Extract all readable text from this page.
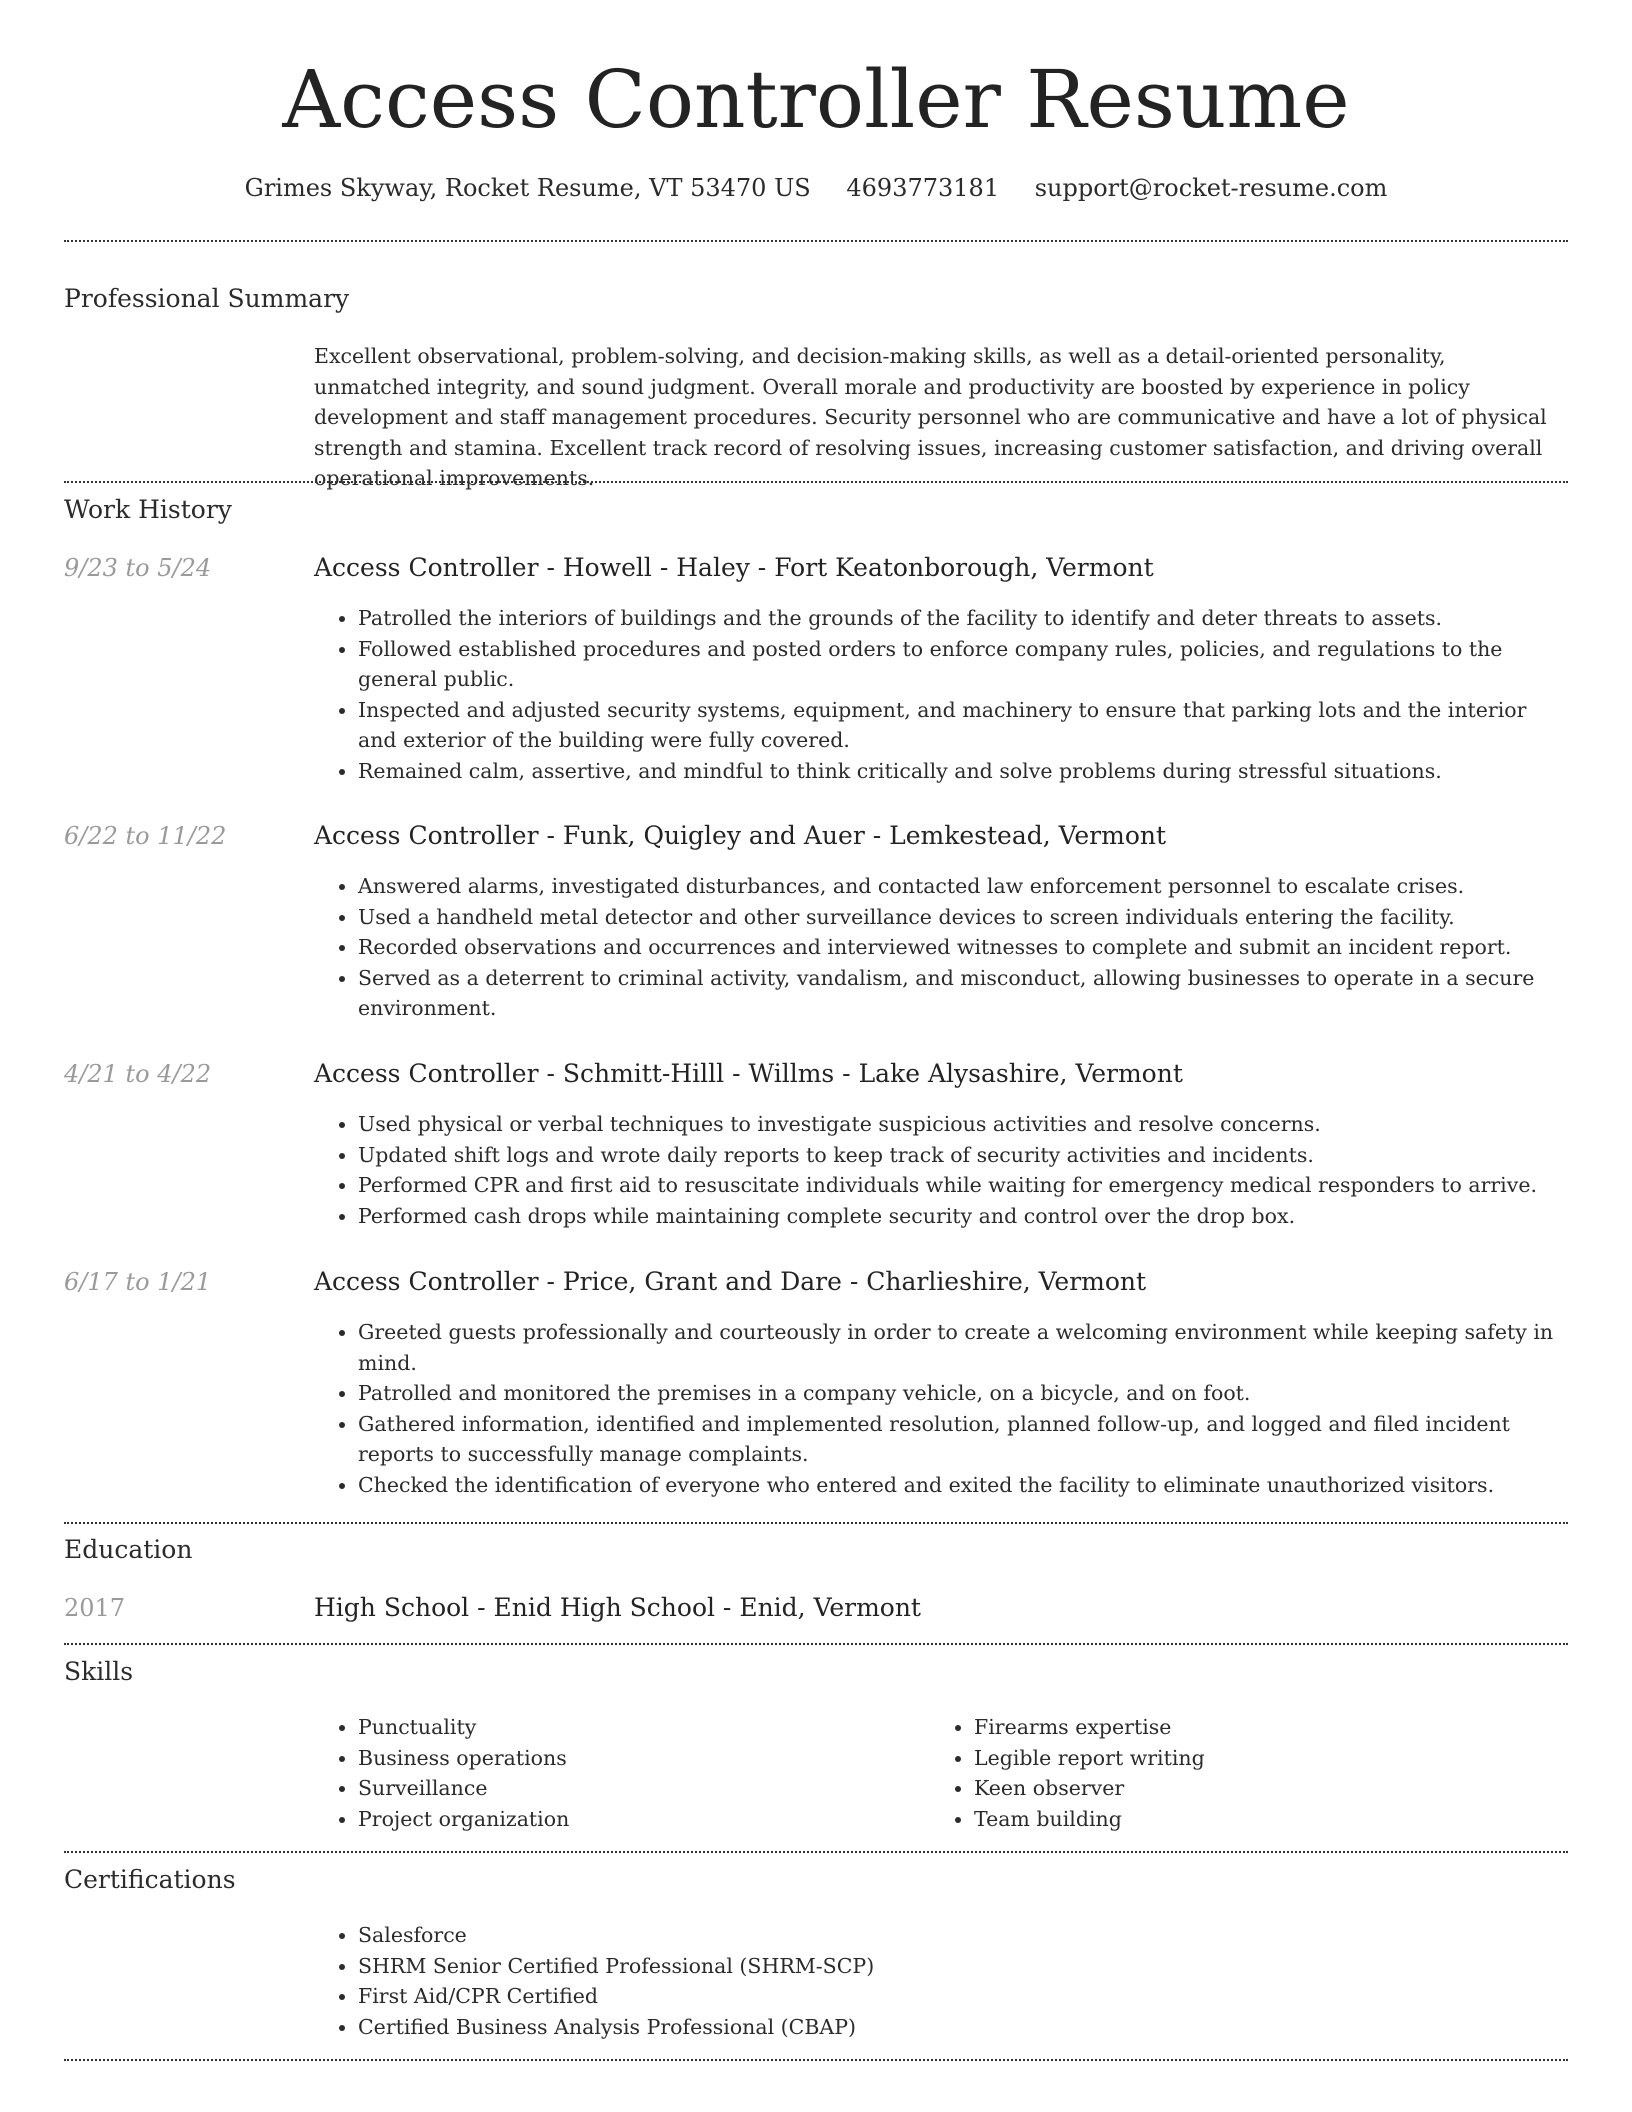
Access Controller Resume
Grimes Skyway, Rocket Resume, VT 53470 US 4693773181 support@rocket-resume.com
Professional Summary
Excellent observational, problem-solving, and decision-making skills, as well as a detail-oriented personality, unmatched integrity, and sound judgment. Overall morale and productivity are boosted by experience in policy development and staff management procedures. Security personnel who are communicative and have a lot of physical strength and stamina. Excellent track record of resolving issues, increasing customer satisfaction, and driving overall operational improvements.
Work History
9/23 to 5/24	Access Controller - Howell - Haley - Fort Keatonborough, Vermont
• Patrolled the interiors of buildings and the grounds of the facility to identify and deter threats to assets.
• Followed established procedures and posted orders to enforce company rules, policies, and regulations to the general public.
• Inspected and adjusted security systems, equipment, and machinery to ensure that parking lots and the interior and exterior of the building were fully covered.
• Remained calm, assertive, and mindful to think critically and solve problems during stressful situations.
6/22 to 11/22	Access Controller - Funk, Quigley and Auer - Lemkestead, Vermont
• Answered alarms, investigated disturbances, and contacted law enforcement personnel to escalate crises.
• Used a handheld metal detector and other surveillance devices to screen individuals entering the facility.
• Recorded observations and occurrences and interviewed witnesses to complete and submit an incident report.
• Served as a deterrent to criminal activity, vandalism, and misconduct, allowing businesses to operate in a secure environment.
4/21 to 4/22	Access Controller - Schmitt-Hilll - Willms - Lake Alysashire, Vermont
• Used physical or verbal techniques to investigate suspicious activities and resolve concerns.
• Updated shift logs and wrote daily reports to keep track of security activities and incidents.
• Performed CPR and first aid to resuscitate individuals while waiting for emergency medical responders to arrive.
• Performed cash drops while maintaining complete security and control over the drop box.
6/17 to 1/21	Access Controller - Price, Grant and Dare - Charlieshire, Vermont
• Greeted guests professionally and courteously in order to create a welcoming environment while keeping safety in mind.
• Patrolled and monitored the premises in a company vehicle, on a bicycle, and on foot.
• Gathered information, identified and implemented resolution, planned follow-up, and logged and filed incident reports to successfully manage complaints.
• Checked the identification of everyone who entered and exited the facility to eliminate unauthorized visitors.
Education
2017	High School - Enid High School - Enid, Vermont
Skills
• Punctuality
• Business operations
• Surveillance
• Project organization
• Firearms expertise
• Legible report writing
• Keen observer
• Team building
Certifications
• Salesforce
• SHRM Senior Certified Professional (SHRM-SCP)
• First Aid/CPR Certified
• Certified Business Analysis Professional (CBAP)
